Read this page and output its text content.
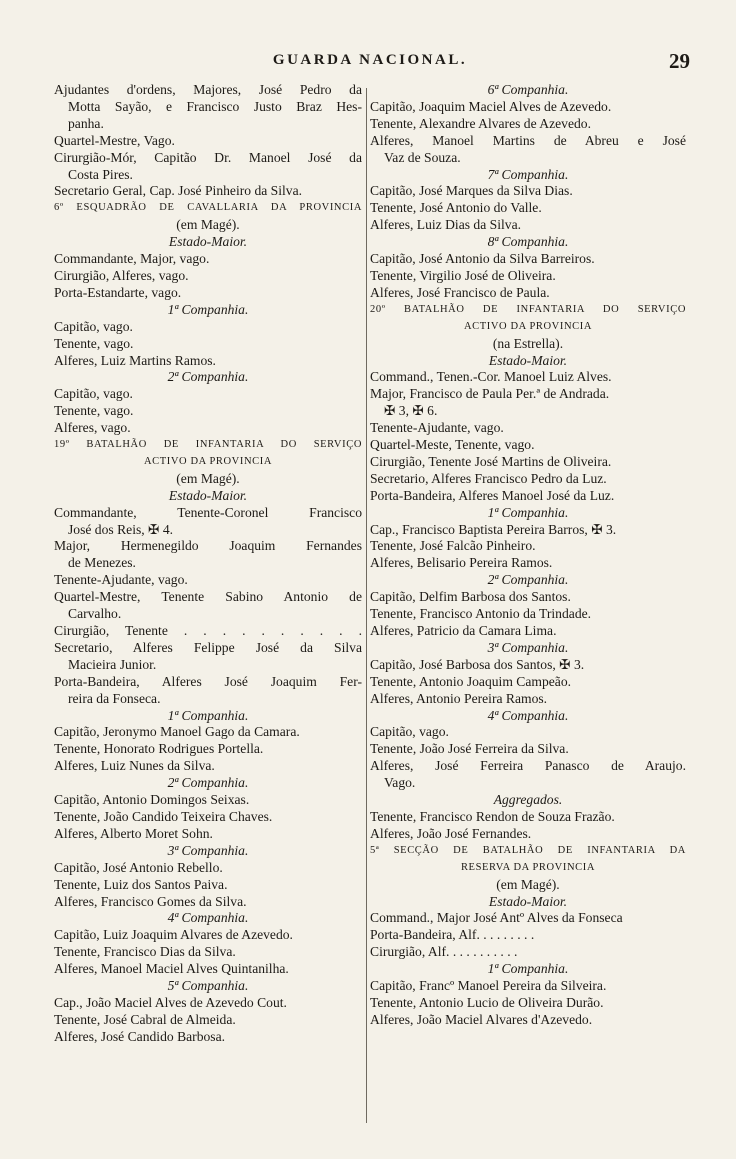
GUARDA NACIONAL.	29
Ajudantes d'ordens, Majores, José Pedro da
Motta Sayão, e Francisco Justo Braz Hes-
panha.
Quartel-Mestre, Vago.
Cirurgião-Mór, Capitão Dr. Manoel José da
Costa Pires.
Secretario Geral, Cap. José Pinheiro da Silva.
6º ESQUADRÃO DE CAVALLARIA DA PROVINCIA
(em Magé).
Estado-Maior.
Commandante, Major, vago.
Cirurgião, Alferes, vago.
Porta-Estandarte, vago.
1ª Companhia.
Capitão, vago.
Tenente, vago.
Alferes, Luiz Martins Ramos.
2ª Companhia.
Capitão, vago.
Tenente, vago.
Alferes, vago.
19º BATALHÃO DE INFANTARIA DO SERVIÇO
ACTIVO DA PROVINCIA
(em Magé).
Estado-Maior.
Commandante, Tenente-Coronel Francisco
José dos Reis, ✠ 4.
Major, Hermenegildo Joaquim Fernandes
de Menezes.
Tenente-Ajudante, vago.
Quartel-Mestre, Tenente Sabino Antonio de
Carvalho.
Cirurgião, Tenente . . . . . . . . . .
Secretario, Alferes Felippe José da Silva
Macieira Junior.
Porta-Bandeira, Alferes José Joaquim Fer-
reira da Fonseca.
1ª Companhia.
Capitão, Jeronymo Manoel Gago da Camara.
Tenente, Honorato Rodrigues Portella.
Alferes, Luiz Nunes da Silva.
2ª Companhia.
Capitão, Antonio Domingos Seixas.
Tenente, João Candido Teixeira Chaves.
Alferes, Alberto Moret Sohn.
3ª Companhia.
Capitão, José Antonio Rebello.
Tenente, Luiz dos Santos Paiva.
Alferes, Francisco Gomes da Silva.
4ª Companhia.
Capitão, Luiz Joaquim Alvares de Azevedo.
Tenente, Francisco Dias da Silva.
Alferes, Manoel Maciel Alves Quintanilha.
5ª Companhia.
Cap., João Maciel Alves de Azevedo Cout.
Tenente, José Cabral de Almeida.
Alferes, José Candido Barbosa.
6ª Companhia.
Capitão, Joaquim Maciel Alves de Azevedo.
Tenente, Alexandre Alvares de Azevedo.
Alferes, Manoel Martins de Abreu e José
Vaz de Souza.
7ª Companhia.
Capitão, José Marques da Silva Dias.
Tenente, José Antonio do Valle.
Alferes, Luiz Dias da Silva.
8ª Companhia.
Capitão, José Antonio da Silva Barreiros.
Tenente, Virgilio José de Oliveira.
Alferes, José Francisco de Paula.
20º BATALHÃO DE INFANTARIA DO SERVIÇO
ACTIVO DA PROVINCIA
(na Estrella).
Estado-Maior.
Command., Tenen.-Cor. Manoel Luiz Alves.
Major, Francisco de Paula Per.ª de Andrada.
✠ 3, ✠ 6.
Tenente-Ajudante, vago.
Quartel-Meste, Tenente, vago.
Cirurgião, Tenente José Martins de Oliveira.
Secretario, Alferes Francisco Pedro da Luz.
Porta-Bandeira, Alferes Manoel José da Luz.
1ª Companhia.
Cap., Francisco Baptista Pereira Barros, ✠ 3.
Tenente, José Falcão Pinheiro.
Alferes, Belisario Pereira Ramos.
2ª Companhia.
Capitão, Delfim Barbosa dos Santos.
Tenente, Francisco Antonio da Trindade.
Alferes, Patricio da Camara Lima.
3ª Companhia.
Capitão, José Barbosa dos Santos, ✠ 3.
Tenente, Antonio Joaquim Campeão.
Alferes, Antonio Pereira Ramos.
4ª Companhia.
Capitão, vago.
Tenente, João José Ferreira da Silva.
Alferes, José Ferreira Panasco de Araujo.
Vago.
Aggregados.
Tenente, Francisco Rendon de Souza Frazão.
Alferes, João José Fernandes.
5ª SECÇÃO DE BATALHÃO DE INFANTARIA DA
RESERVA DA PROVINCIA
(em Magé).
Estado-Maior.
Command., Major José Antº Alves da Fonseca
Porta-Bandeira, Alf. . . . . . . . .
Cirurgião, Alf. . . . . . . . . . .
1ª Companhia.
Capitão, Francº Manoel Pereira da Silveira.
Tenente, Antonio Lucio de Oliveira Durão.
Alferes, João Maciel Alvares d'Azevedo.
